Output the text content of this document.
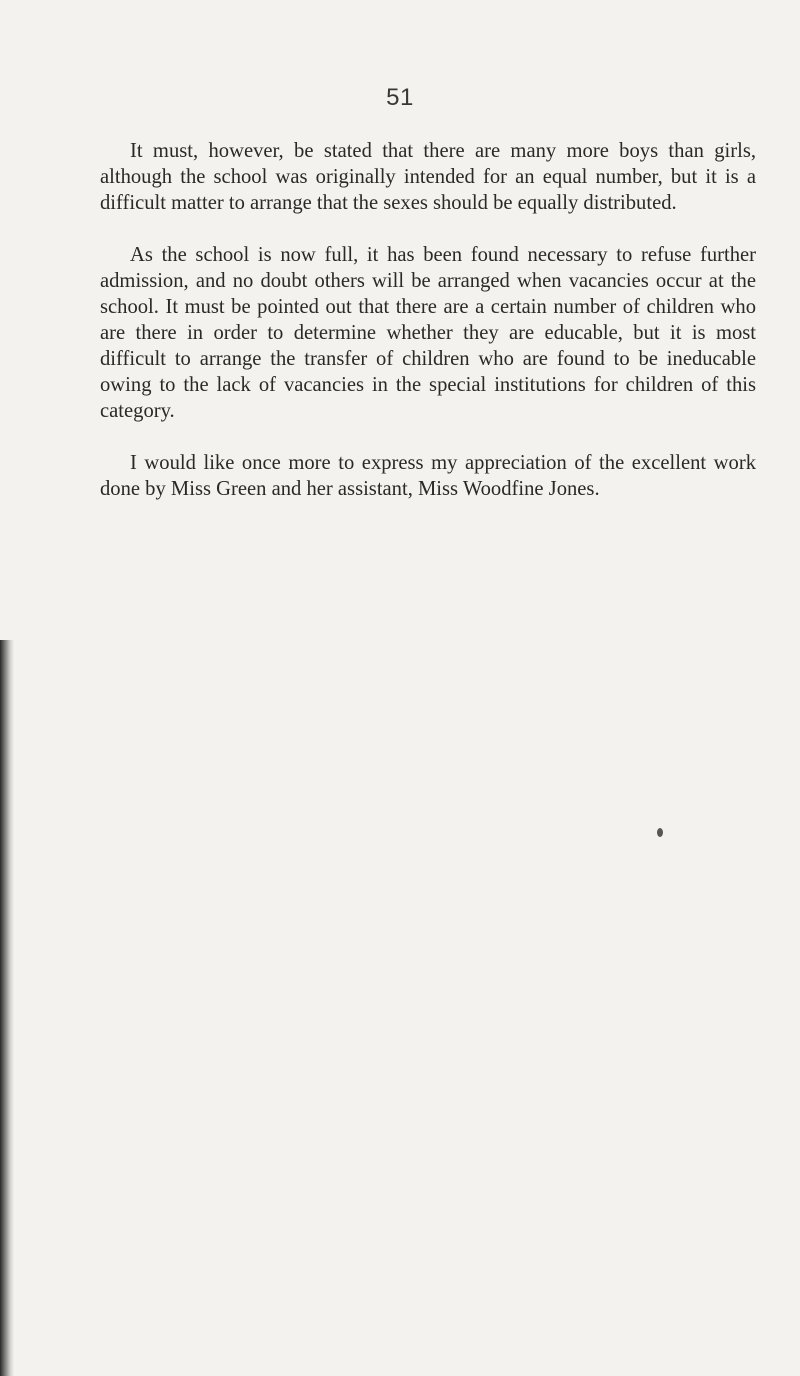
51

It must, however, be stated that there are many more boys than girls, although the school was originally intended for an equal number, but it is a difficult matter to arrange that the sexes should be equally distributed.

As the school is now full, it has been found necessary to refuse further admission, and no doubt others will be arranged when vacancies occur at the school. It must be pointed out that there are a certain number of children who are there in order to determine whether they are educable, but it is most difficult to arrange the transfer of children who are found to be ineducable owing to the lack of vacancies in the special institutions for children of this category.

I would like once more to express my appreciation of the excellent work done by Miss Green and her assistant, Miss Woodfine Jones.
